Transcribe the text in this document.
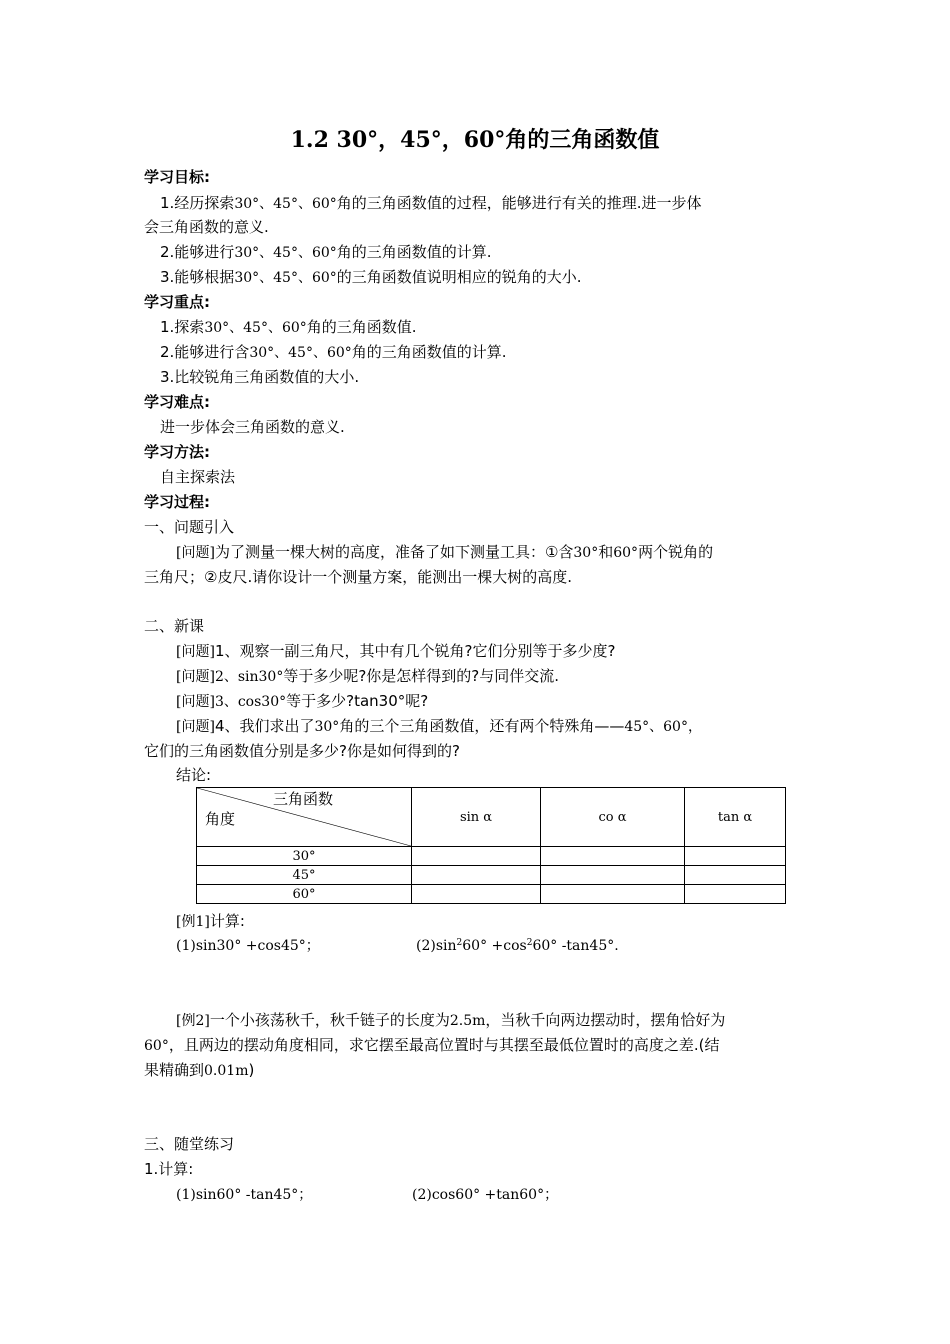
1.2 30°，45°，60°角的三角函数值
学习目标:
1.经历探索30°、45°、60°角的三角函数值的过程，能够进行有关的推理.进一步体
会三角函数的意义.
2.能够进行30°、45°、60°角的三角函数值的计算.
3.能够根据30°、45°、60°的三角函数值说明相应的锐角的大小.
学习重点:
1.探索30°、45°、60°角的三角函数值.
2.能够进行含30°、45°、60°角的三角函数值的计算.
3.比较锐角三角函数值的大小.
学习难点:
进一步体会三角函数的意义.
学习方法:
自主探索法
学习过程:
一、问题引入
[问题]为了测量一棵大树的高度，准备了如下测量工具：①含30°和60°两个锐角的
三角尺；②皮尺.请你设计一个测量方案，能测出一棵大树的高度.
二、新课
[问题]1、观察一副三角尺，其中有几个锐角?它们分别等于多少度?
[问题]2、sin30°等于多少呢?你是怎样得到的?与同伴交流.
[问题]3、cos30°等于多少?tan30°呢?
[问题]4、我们求出了30°角的三个三角函数值，还有两个特殊角——45°、60°，
它们的三角函数值分别是多少?你是如何得到的?
结论:
三角函数
角度	sin α	co α	tan α
30°			
45°			
60°			
[例1]计算:
(1)sin30° +cos45°；	$(2)\sin^260^\circ +\cos^260^\circ$ -tan45°.
[例2]一个小孩荡秋千，秋千链子的长度为2.5m，当秋千向两边摆动时，摆角恰好为
60°，且两边的摆动角度相同，求它摆至最高位置时与其摆至最低位置时的高度之差.(结
果精确到0.01m)
三、随堂练习
1.计算:
(1)sin60° -tan45°；	(2)cos60° +tan60°；
